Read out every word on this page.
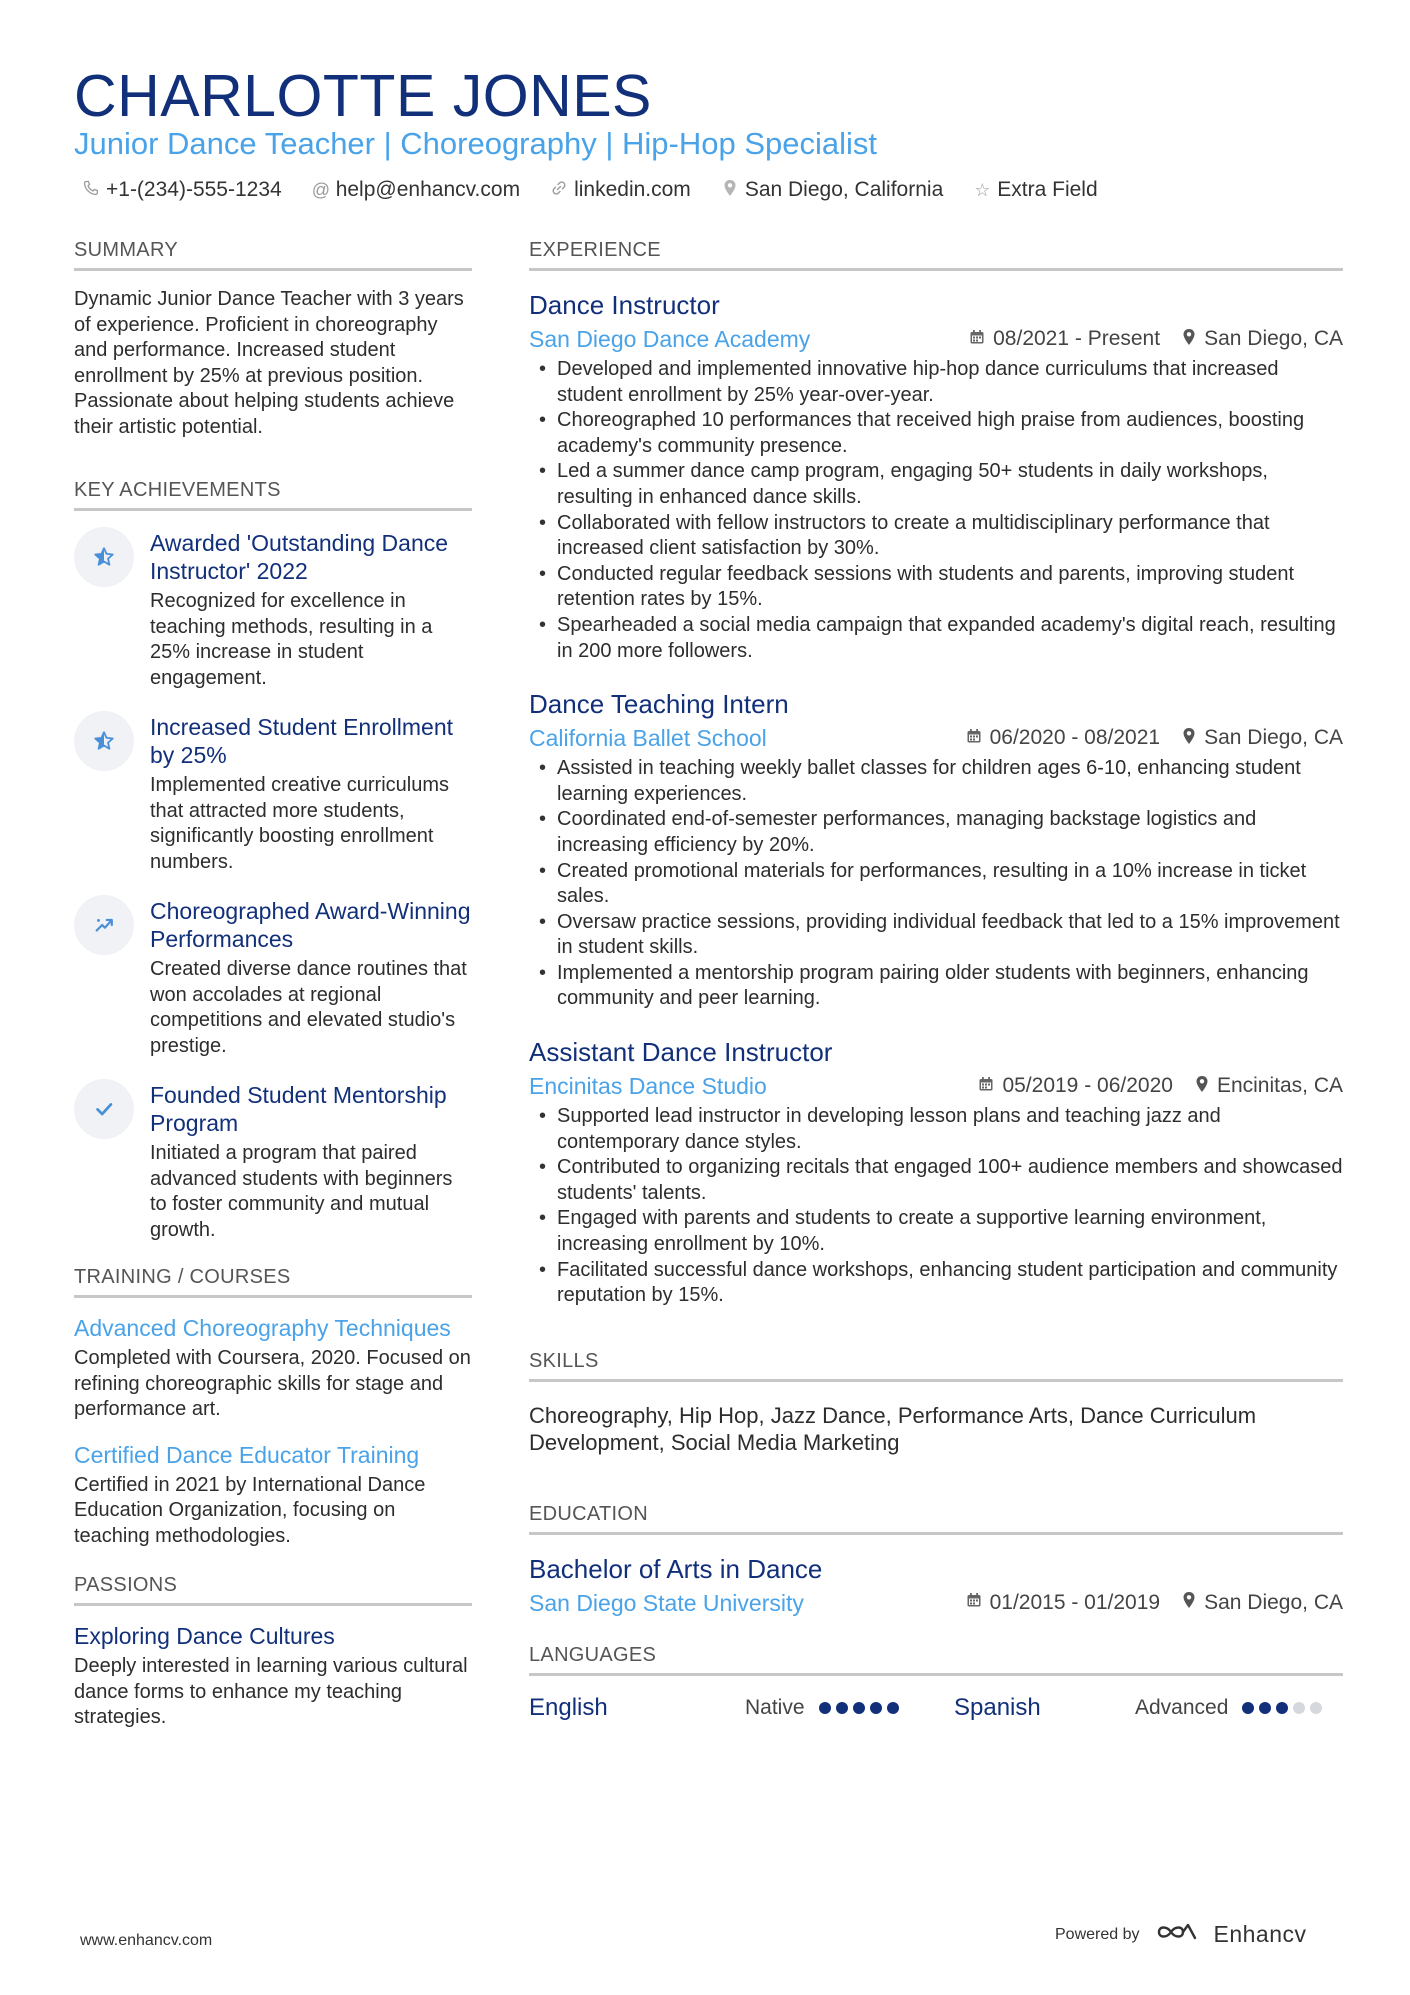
CHARLOTTE JONES
Junior Dance Teacher | Choreography | Hip-Hop Specialist
+1-(234)-555-1234 @ help@enhancv.com	linkedin.com	San Diego, California ☆ Extra Field
SUMMARY
Dynamic Junior Dance Teacher with 3 years of experience. Proficient in choreography and performance. Increased student enrollment by 25% at previous position. Passionate about helping students achieve their artistic potential.
KEY ACHIEVEMENTS
Awarded 'Outstanding Dance Instructor' 2022
Recognized for excellence in teaching methods, resulting in a 25% increase in student engagement.
Increased Student Enrollment by 25%
Implemented creative curriculums that attracted more students, significantly boosting enrollment numbers.
Choreographed Award-Winning Performances
Created diverse dance routines that won accolades at regional competitions and elevated studio's prestige.
Founded Student Mentorship Program
Initiated a program that paired advanced students with beginners to foster community and mutual growth.
TRAINING / COURSES
Advanced Choreography Techniques
Completed with Coursera, 2020. Focused on refining choreographic skills for stage and performance art.
Certified Dance Educator Training
Certified in 2021 by International Dance Education Organization, focusing on teaching methodologies.
PASSIONS
Exploring Dance Cultures
Deeply interested in learning various cultural dance forms to enhance my teaching strategies.
EXPERIENCE
Dance Instructor
San Diego Dance Academy	08/2021 - Present San Diego, CA
• Developed and implemented innovative hip-hop dance curriculums that increased student enrollment by 25% year-over-year.
• Choreographed 10 performances that received high praise from audiences, boosting academy's community presence.
• Led a summer dance camp program, engaging 50+ students in daily workshops, resulting in enhanced dance skills.
• Collaborated with fellow instructors to create a multidisciplinary performance that increased client satisfaction by 30%.
• Conducted regular feedback sessions with students and parents, improving student retention rates by 15%.
• Spearheaded a social media campaign that expanded academy's digital reach, resulting in 200 more followers.
Dance Teaching Intern
California Ballet School	06/2020 - 08/2021 San Diego, CA
• Assisted in teaching weekly ballet classes for children ages 6-10, enhancing student learning experiences.
• Coordinated end-of-semester performances, managing backstage logistics and increasing efficiency by 20%.
• Created promotional materials for performances, resulting in a 10% increase in ticket sales.
• Oversaw practice sessions, providing individual feedback that led to a 15% improvement in student skills.
• Implemented a mentorship program pairing older students with beginners, enhancing community and peer learning.
Assistant Dance Instructor
Encinitas Dance Studio	05/2019 - 06/2020 Encinitas, CA
• Supported lead instructor in developing lesson plans and teaching jazz and contemporary dance styles.
• Contributed to organizing recitals that engaged 100+ audience members and showcased students' talents.
• Engaged with parents and students to create a supportive learning environment, increasing enrollment by 10%.
• Facilitated successful dance workshops, enhancing student participation and community reputation by 15%.
SKILLS
Choreography, Hip Hop, Jazz Dance, Performance Arts, Dance Curriculum Development, Social Media Marketing
EDUCATION
Bachelor of Arts in Dance
San Diego State University	01/2015 - 01/2019 San Diego, CA
LANGUAGES
English	Native	Spanish	Advanced
www.enhancv.com	Powered by	Enhancv
